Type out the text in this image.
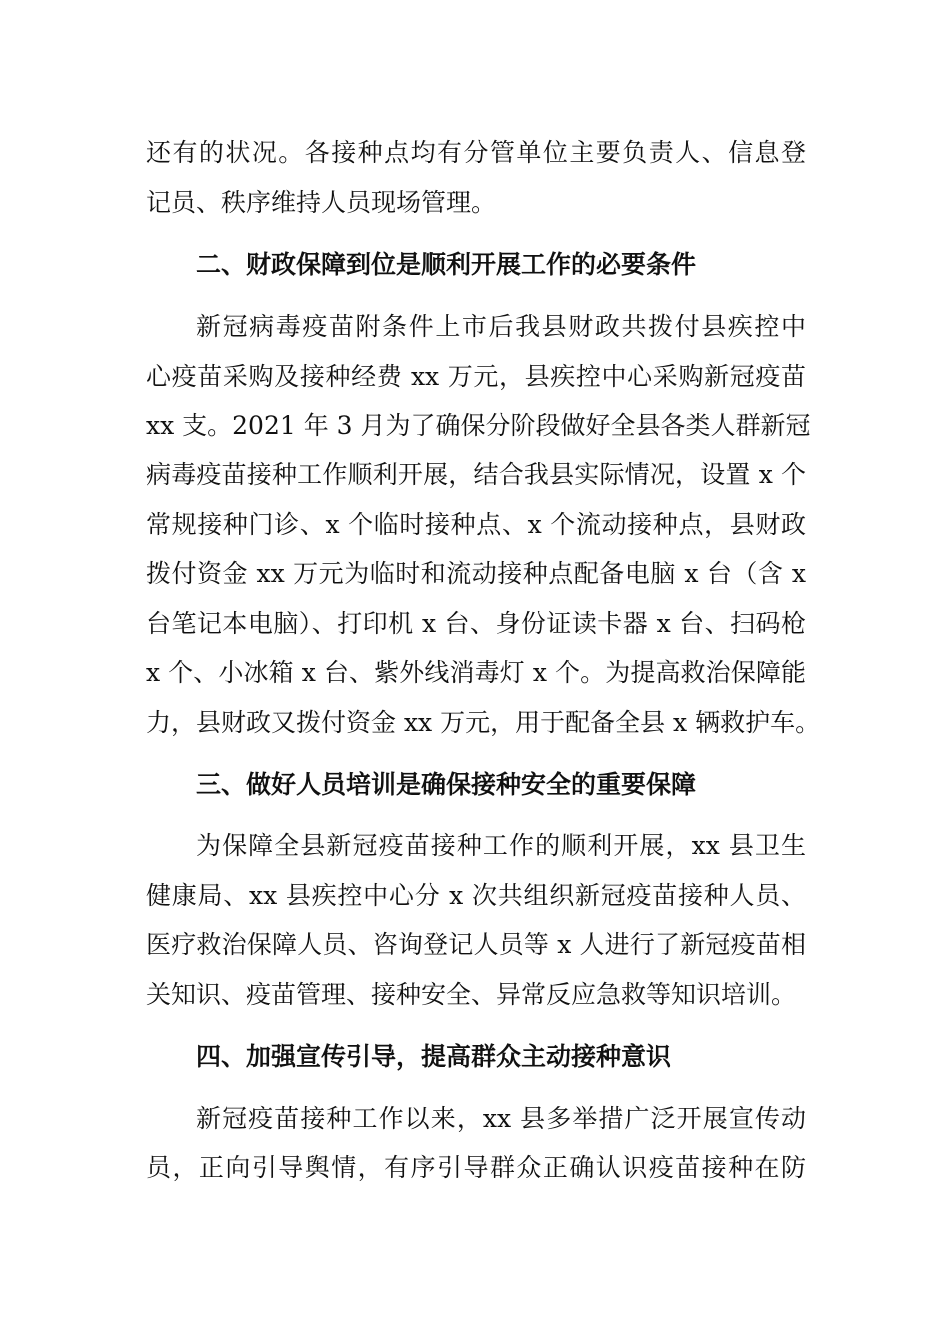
还有的状况。各接种点均有分管单位主要负责人、信息登
记员、秩序维持人员现场管理。
二、财政保障到位是顺利开展工作的必要条件
新冠病毒疫苗附条件上市后我县财政共拨付县疾控中
心疫苗采购及接种经费 xx 万元，县疾控中心采购新冠疫苗
xx 支。2021 年 3 月为了确保分阶段做好全县各类人群新冠
病毒疫苗接种工作顺利开展，结合我县实际情况，设置 x 个
常规接种门诊、x 个临时接种点、x 个流动接种点，县财政
拨付资金 xx 万元为临时和流动接种点配备电脑 x 台（含 x
台笔记本电脑）、打印机 x 台、身份证读卡器 x 台、扫码枪
x 个、小冰箱 x 台、紫外线消毒灯 x 个。为提高救治保障能
力，县财政又拨付资金 xx 万元，用于配备全县 x 辆救护车。
三、做好人员培训是确保接种安全的重要保障
为保障全县新冠疫苗接种工作的顺利开展，xx 县卫生
健康局、xx 县疾控中心分 x 次共组织新冠疫苗接种人员、
医疗救治保障人员、咨询登记人员等 x 人进行了新冠疫苗相
关知识、疫苗管理、接种安全、异常反应急救等知识培训。
四、加强宣传引导，提高群众主动接种意识
新冠疫苗接种工作以来，xx 县多举措广泛开展宣传动
员，正向引导舆情，有序引导群众正确认识疫苗接种在防
